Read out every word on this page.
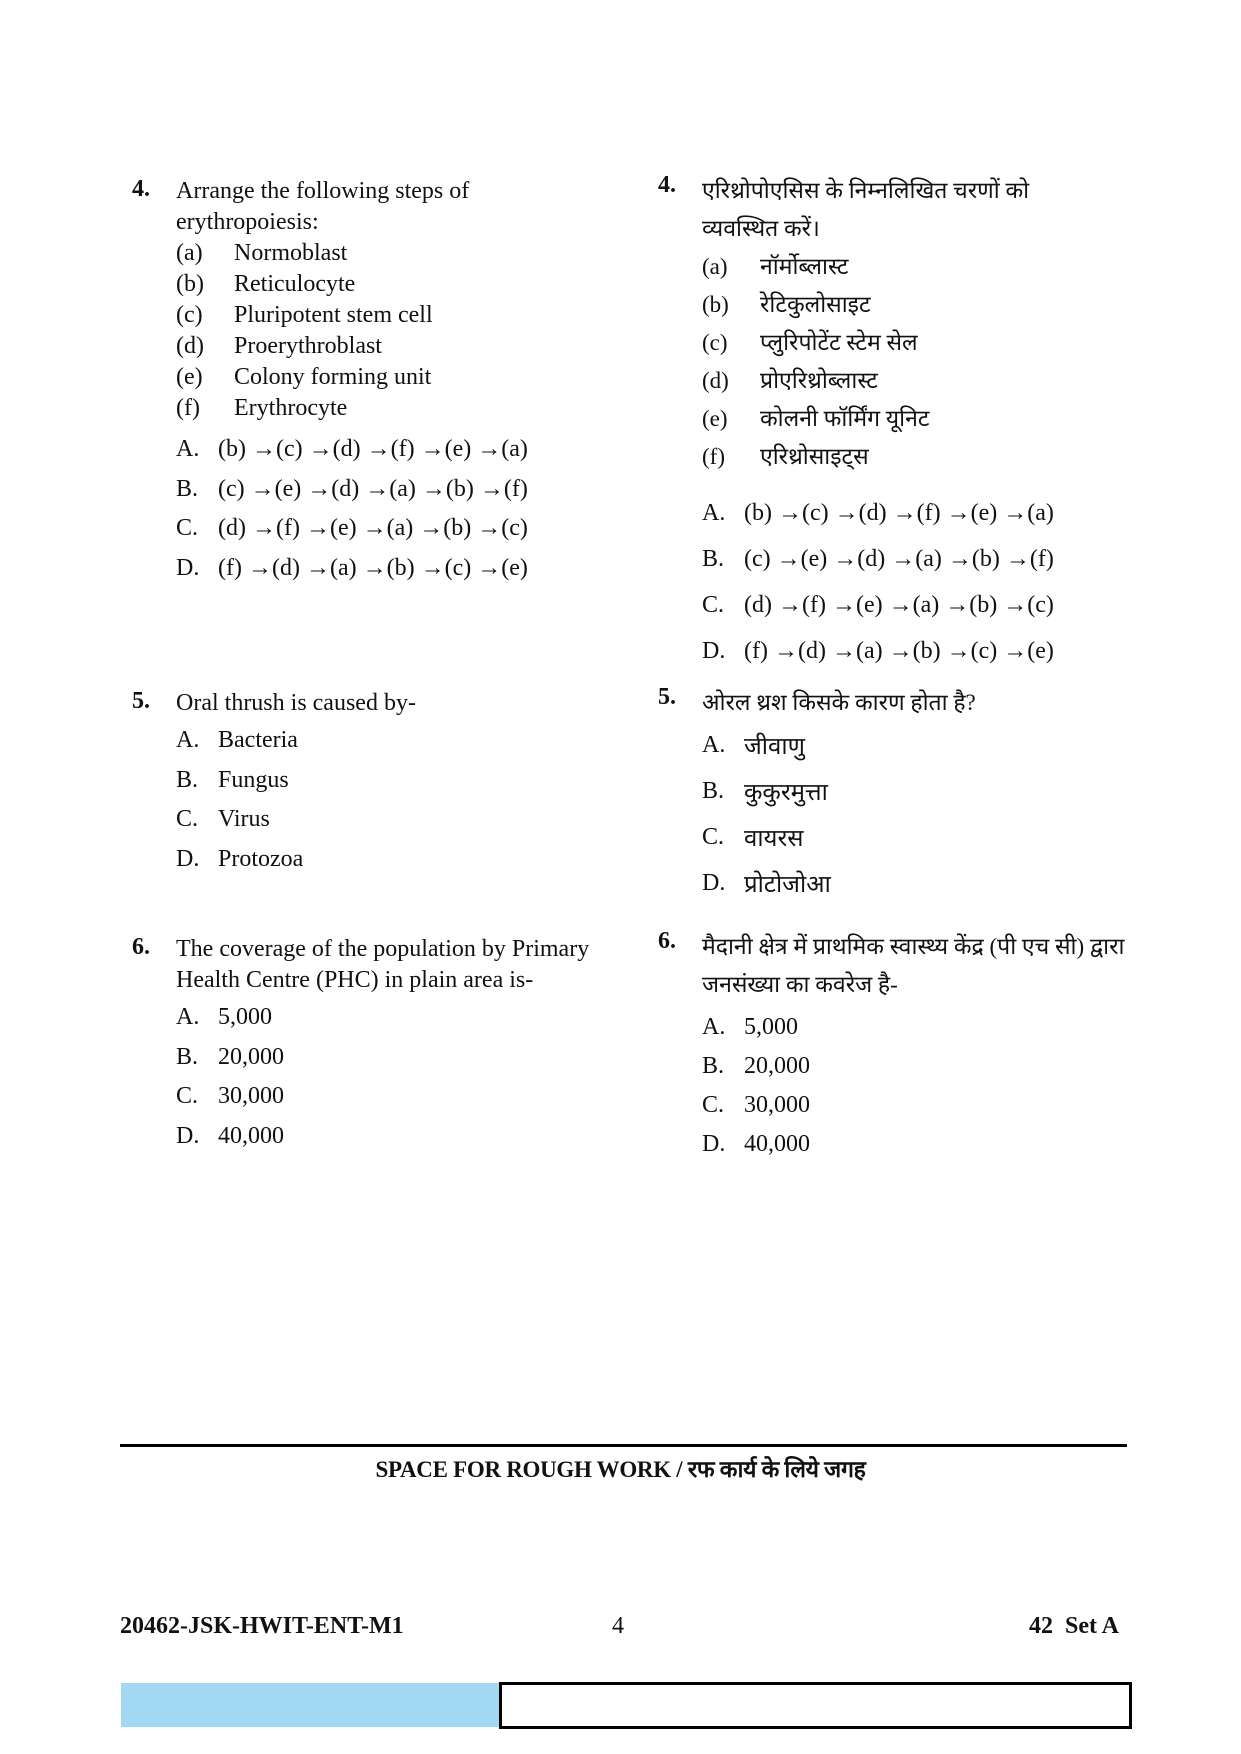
4. Arrange the following steps of erythropoiesis:
(a)	Normoblast
(b)	Reticulocyte
(c)	Pluripotent stem cell
(d)	Proerythroblast
(e)	Colony forming unit
(f)	Erythrocyte
A. (b) →(c) →(d) →(f) →(e) →(a)
B. (c) →(e) →(d) →(a) →(b) →(f)
C. (d) →(f) →(e) →(a) →(b) →(c)
D. (f) →(d) →(a) →(b) →(c) →(e)
5. Oral thrush is caused by-
A. Bacteria
B. Fungus
C. Virus
D. Protozoa
6. The coverage of the population by Primary Health Centre (PHC) in plain area is-
A. 5,000
B. 20,000
C. 30,000
D. 40,000
4. एरिथ्रोपोएसिस के निम्नलिखित चरणों को व्यवस्थित करें।
(a)	नॉर्मोब्लास्ट
(b)	रेटिकुलोसाइट
(c)	प्लुरिपोटेंट स्टेम सेल
(d)	प्रोएरिथ्रोब्लास्ट
(e)	कोलनी फॉर्मिंग यूनिट
(f)	एरिथ्रोसाइट्स
A. (b) →(c) →(d) →(f) →(e) →(a)
B. (c) →(e) →(d) →(a) →(b) →(f)
C. (d) →(f) →(e) →(a) →(b) →(c)
D. (f) →(d) →(a) →(b) →(c) →(e)
5. ओरल थ्रश किसके कारण होता है?
A. जीवाणु
B. कुकुरमुत्ता
C. वायरस
D. प्रोटोजोआ
6. मैदानी क्षेत्र में प्राथमिक स्वास्थ्य केंद्र (पी एच सी) द्वारा जनसंख्या का कवरेज है-
A. 5,000
B. 20,000
C. 30,000
D. 40,000
SPACE FOR ROUGH WORK / रफ कार्य के लिये जगह
20462-JSK-HWIT-ENT-M1	4	42 Set A
